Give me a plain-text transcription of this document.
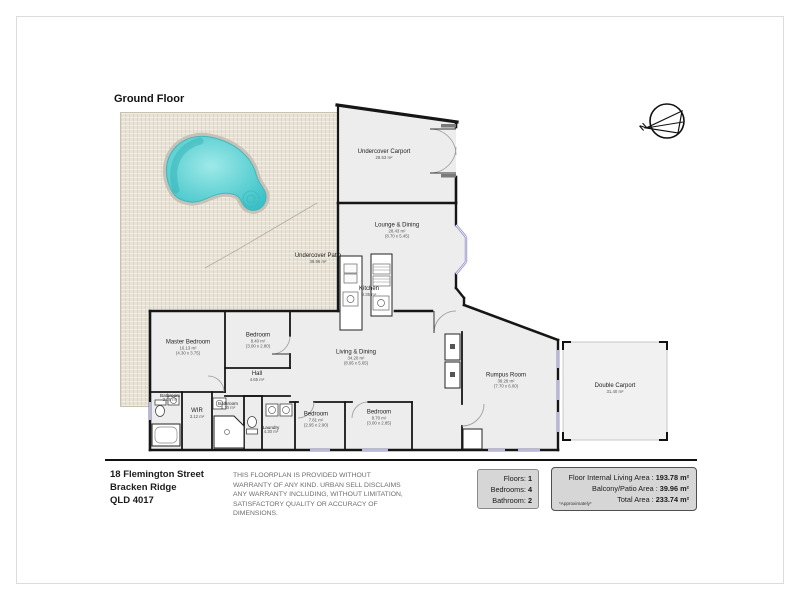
Ground Floor
Undercover Carport
28.53 m²
Lounge & Dining
28.43 m²
(8.70 x 5.45)
Kitchen
9.35 m²
Undercover Patio
39.96 m²
Master Bedroom
16.13 m²
(4.30 x 3.75)
Bedroom
8.40 m²
(3.00 x 2.80)
Hall
4.65 m²
Bathroom
2.05 m²
WIR
3.12 m²
Bathroom
4.10 m²
Laundry
4.30 m²
Bedroom
7.81 m²
(2.95 x 2.90)
Bedroom
8.70 m²
(3.00 x 2.85)
Living & Dining
34.20 m²
(8.95 x 5.65)
Rumpus Room
38.28 m²
(7.70 x 6.00)	Double Carport
31.40 m²
N
18 Flemington Street
Bracken Ridge
QLD 4017
THIS FLOORPLAN IS PROVIDED WITHOUT WARRANTY OF ANY KIND. URBAN SELL DISCLAIMS ANY WARRANTY INCLUDING, WITHOUT LIMITATION, SATISFACTORY QUALITY OR ACCURACY OF DIMENSIONS.
Floors: 1
Bedrooms: 4
Bathroom: 2
Floor Internal Living Area : 193.78 m²
Balcony/Patio Area : 39.96 m²
Total Area : 233.74 m²
*Approximately*
